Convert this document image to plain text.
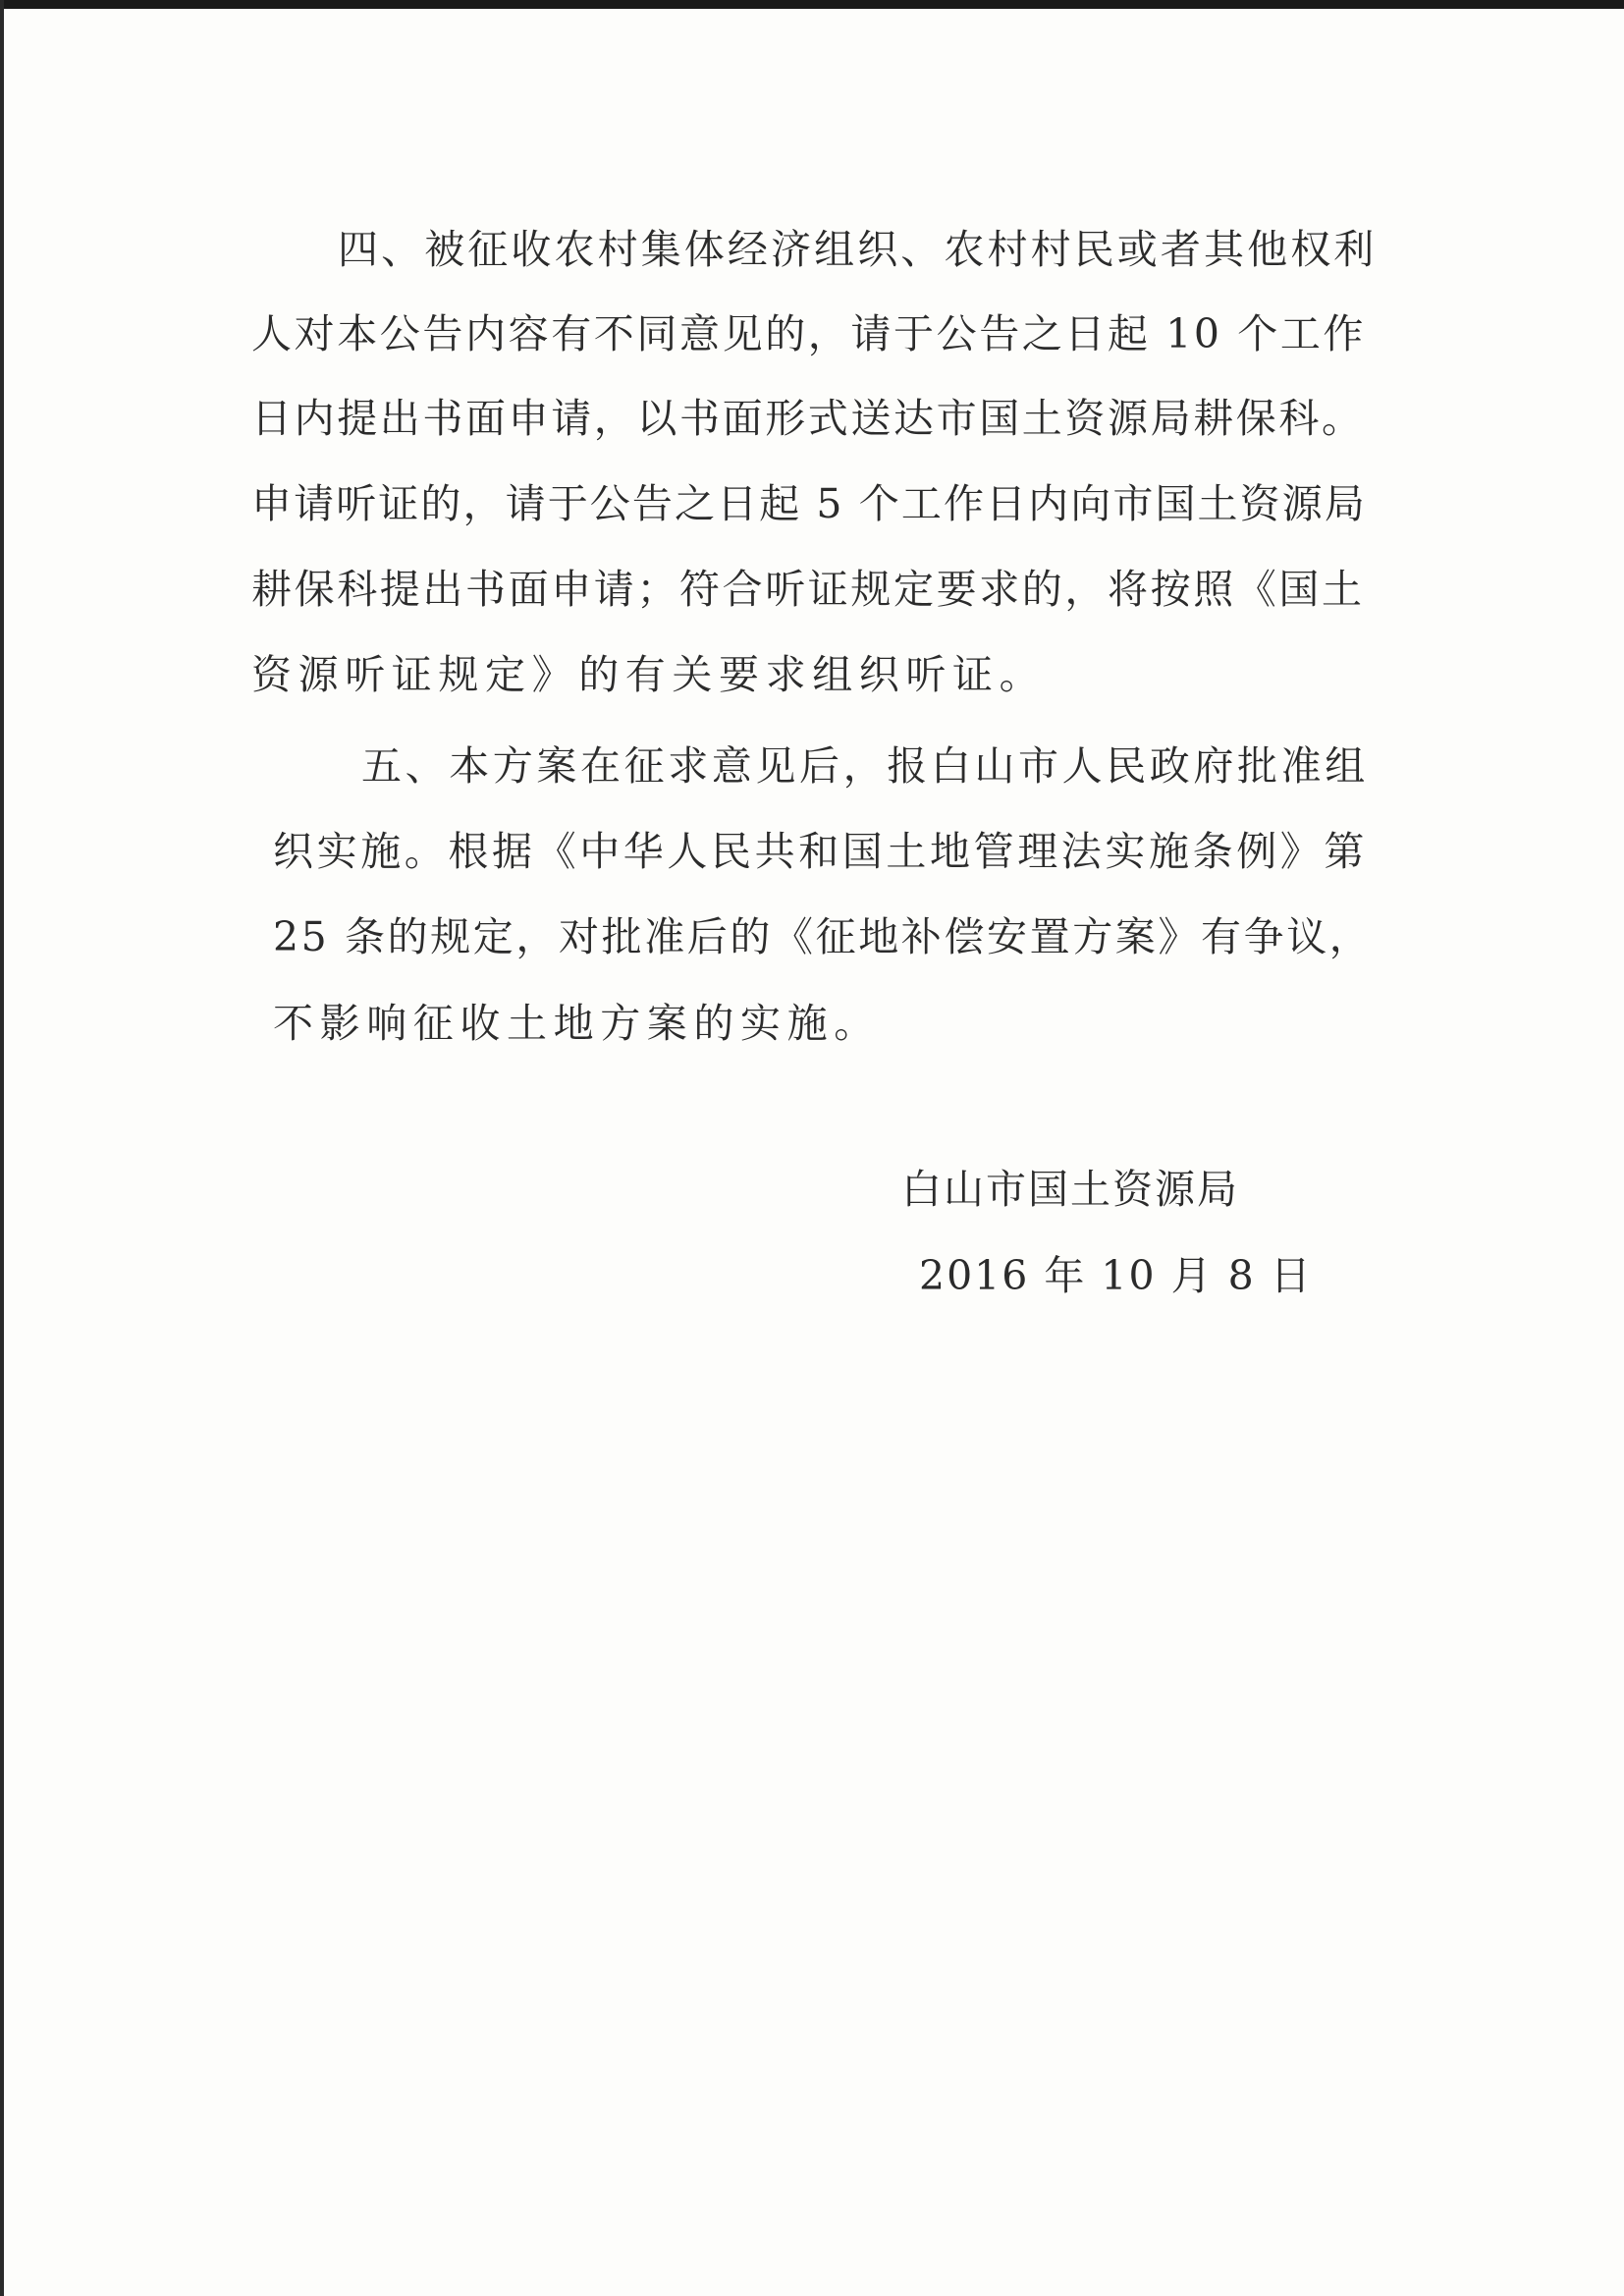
四、被征收农村集体经济组织、农村村民或者其他权利

人对本公告内容有不同意见的，请于公告之日起 10 个工作

日内提出书面申请，以书面形式送达市国土资源局耕保科。

申请听证的，请于公告之日起 5 个工作日内向市国土资源局

耕保科提出书面申请；符合听证规定要求的，将按照《国土

资源听证规定》的有关要求组织听证。

五、本方案在征求意见后，报白山市人民政府批准组

织实施。根据《中华人民共和国土地管理法实施条例》第

25 条的规定，对批准后的《征地补偿安置方案》有争议，

不影响征收土地方案的实施。

白山市国土资源局

2016 年 10 月 8 日
